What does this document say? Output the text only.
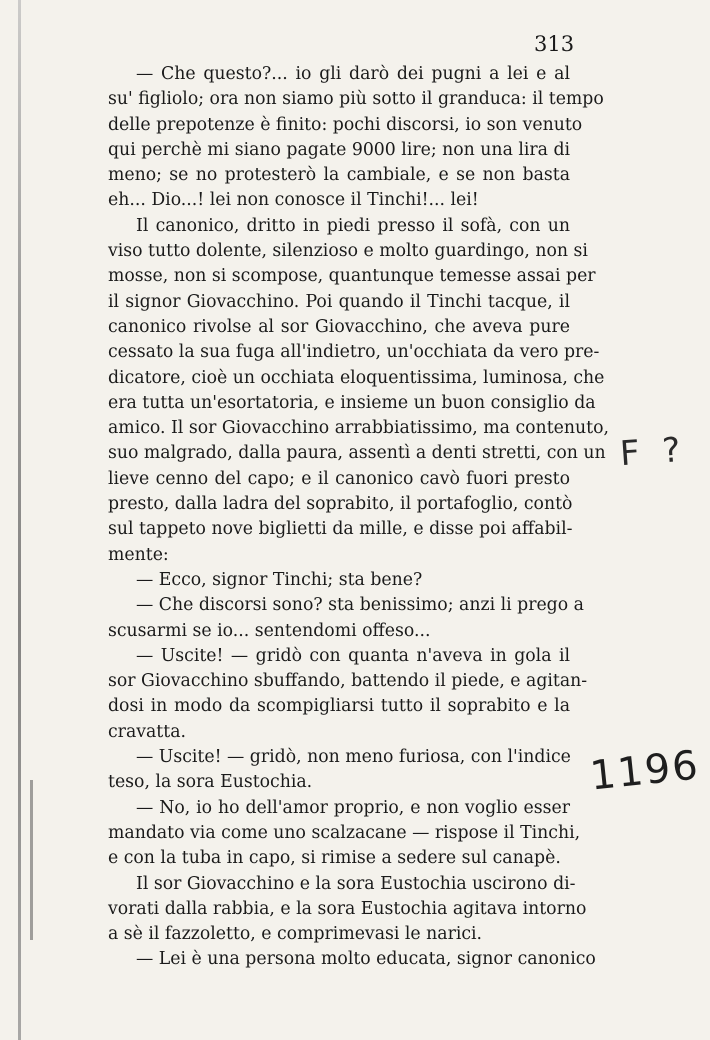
313
— Che questo?... io gli darò dei pugni a lei e al
su' figliolo; ora non siamo più sotto il granduca: il tempo
delle prepotenze è finito: pochi discorsi, io son venuto
qui perchè mi siano pagate 9000 lire; non una lira di
meno; se no protesterò la cambiale, e se non basta
eh... Dio...! lei non conosce il Tinchi!... lei!
Il canonico, dritto in piedi presso il sofà, con un
viso tutto dolente, silenzioso e molto guardingo, non si
mosse, non si scompose, quantunque temesse assai per
il signor Giovacchino. Poi quando il Tinchi tacque, il
canonico rivolse al sor Giovacchino, che aveva pure
cessato la sua fuga all'indietro, un'occhiata da vero pre-
dicatore, cioè un occhiata eloquentissima, luminosa, che
era tutta un'esortatoria, e insieme un buon consiglio da
amico. Il sor Giovacchino arrabbiatissimo, ma contenuto,
suo malgrado, dalla paura, assentì a denti stretti, con un
lieve cenno del capo; e il canonico cavò fuori presto
presto, dalla ladra del soprabito, il portafoglio, contò
sul tappeto nove biglietti da mille, e disse poi affabil-
mente:
— Ecco, signor Tinchi; sta bene?
— Che discorsi sono? sta benissimo; anzi li prego a
scusarmi se io... sentendomi offeso...
— Uscite! — gridò con quanta n'aveva in gola il
sor Giovacchino sbuffando, battendo il piede, e agitan-
dosi in modo da scompigliarsi tutto il soprabito e la
cravatta.
— Uscite! — gridò, non meno furiosa, con l'indice
teso, la sora Eustochia.
— No, io ho dell'amor proprio, e non voglio esser
mandato via come uno scalzacane — rispose il Tinchi,
e con la tuba in capo, si rimise a sedere sul canapè.
Il sor Giovacchino e la sora Eustochia uscirono di-
vorati dalla rabbia, e la sora Eustochia agitava intorno
a sè il fazzoletto, e comprimevasi le narici.
— Lei è una persona molto educata, signor canonico
F ?
1196
